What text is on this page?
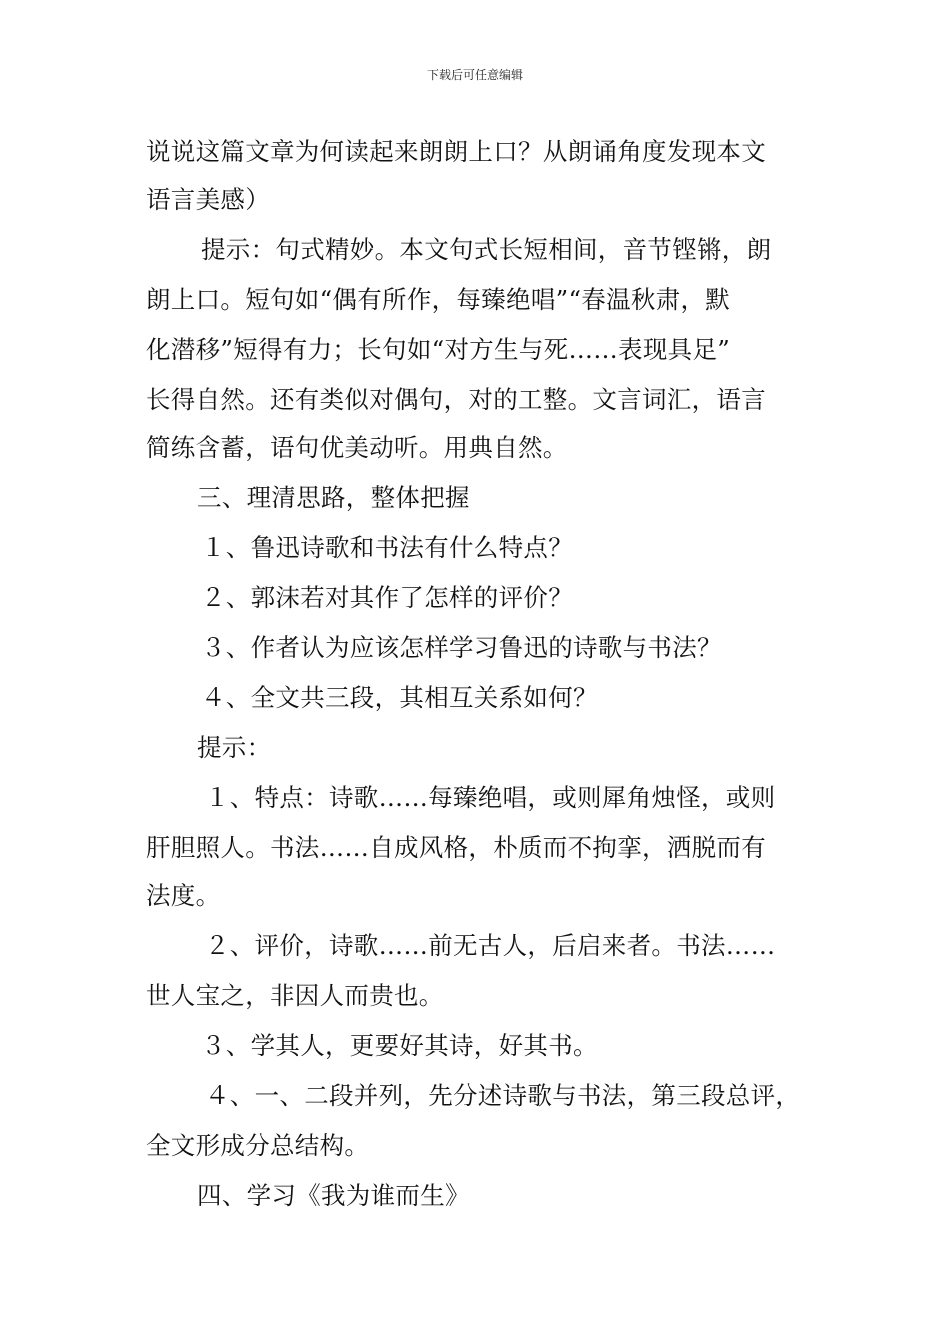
下载后可任意编辑
说说这篇文章为何读起来朗朗上口？从朗诵角度发现本文
语言美感）
提示：句式精妙。本文句式长短相间，音节铿锵，朗
朗上口。短句如“偶有所作，每臻绝唱”“春温秋肃，默
化潜移”短得有力；长句如“对方生与死……表现具足”
长得自然。还有类似对偶句，对的工整。文言词汇，语言
简练含蓄，语句优美动听。用典自然。
三、理清思路，整体把握
１、鲁迅诗歌和书法有什么特点？
２、郭沫若对其作了怎样的评价？
３、作者认为应该怎样学习鲁迅的诗歌与书法？
４、全文共三段，其相互关系如何？
提示：
１、特点：诗歌……每臻绝唱，或则犀角烛怪，或则
肝胆照人。书法……自成风格，朴质而不拘挛，洒脱而有
法度。
２、评价，诗歌……前无古人，后启来者。书法……
世人宝之，非因人而贵也。
３、学其人，更要好其诗，好其书。
４、一、二段并列，先分述诗歌与书法，第三段总评，
全文形成分总结构。
四、学习《我为谁而生》
